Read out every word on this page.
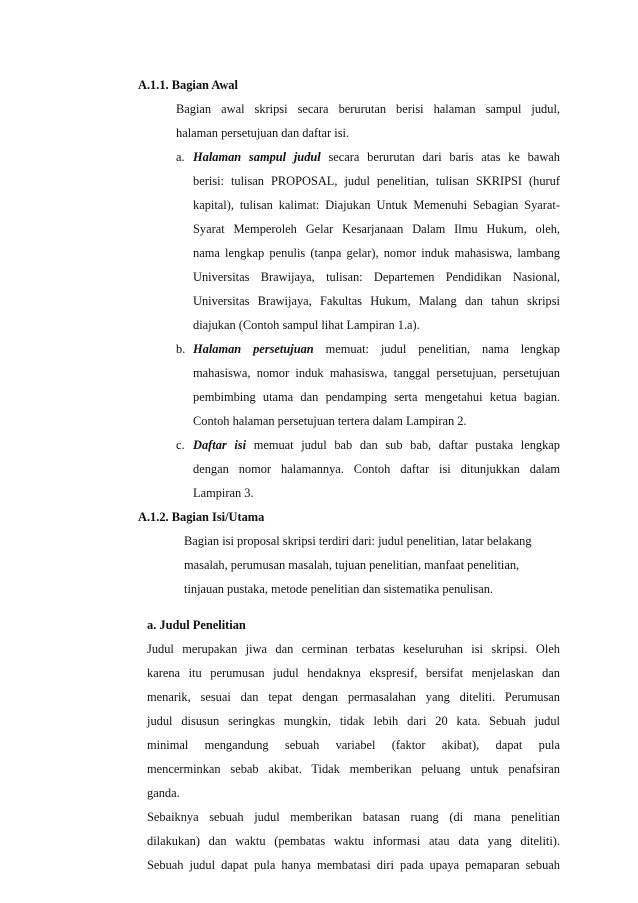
A.1.1. Bagian Awal
Bagian awal skripsi secara berurutan berisi halaman sampul judul,
halaman persetujuan dan daftar isi.
a. Halaman sampul judul secara berurutan dari baris atas ke bawah
berisi: tulisan PROPOSAL, judul penelitian, tulisan SKRIPSI (huruf
kapital), tulisan kalimat: Diajukan Untuk Memenuhi Sebagian Syarat-
Syarat Memperoleh Gelar Kesarjanaan Dalam Ilmu Hukum, oleh,
nama lengkap penulis (tanpa gelar), nomor induk mahasiswa, lambang
Universitas Brawijaya, tulisan: Departemen Pendidikan Nasional,
Universitas Brawijaya, Fakultas Hukum, Malang dan tahun skripsi
diajukan (Contoh sampul lihat Lampiran 1.a).
b. Halaman persetujuan memuat: judul penelitian, nama lengkap
mahasiswa, nomor induk mahasiswa, tanggal persetujuan, persetujuan
pembimbing utama dan pendamping serta mengetahui ketua bagian.
Contoh halaman persetujuan tertera dalam Lampiran 2.
c. Daftar isi memuat judul bab dan sub bab, daftar pustaka lengkap
dengan nomor halamannya. Contoh daftar isi ditunjukkan dalam
Lampiran 3.
A.1.2. Bagian Isi/Utama
Bagian isi proposal skripsi terdiri dari: judul penelitian, latar belakang
masalah, perumusan masalah, tujuan penelitian, manfaat penelitian,
tinjauan pustaka, metode penelitian dan sistematika penulisan.
a. Judul Penelitian
Judul merupakan jiwa dan cerminan terbatas keseluruhan isi skripsi. Oleh
karena itu perumusan judul hendaknya ekspresif, bersifat menjelaskan dan
menarik, sesuai dan tepat dengan permasalahan yang diteliti. Perumusan
judul disusun seringkas mungkin, tidak lebih dari 20 kata. Sebuah judul
minimal mengandung sebuah variabel (faktor akibat), dapat pula
mencerminkan sebab akibat. Tidak memberikan peluang untuk penafsiran
ganda.
Sebaiknya sebuah judul memberikan batasan ruang (di mana penelitian
dilakukan) dan waktu (pembatas waktu informasi atau data yang diteliti).
Sebuah judul dapat pula hanya membatasi diri pada upaya pemaparan sebuah
